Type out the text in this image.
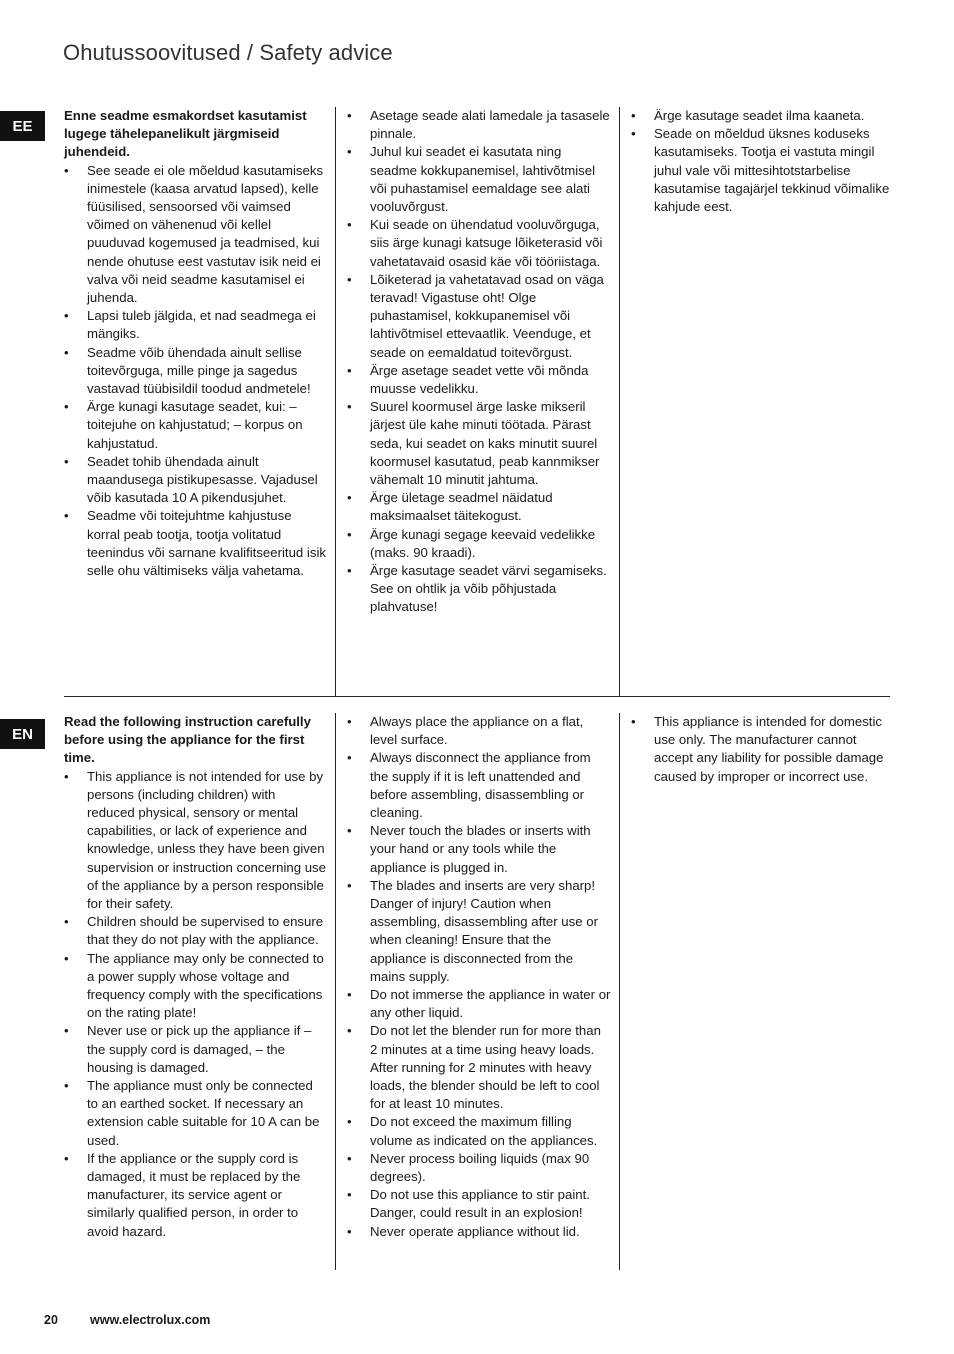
Ohutussoovitused / Safety advice
EE

Enne seadme esmakordset kasutamist lugege tähelepanelikult järgmiseid juhendeid.

• See seade ei ole mõeldud kasutamiseks inimestele (kaasa arvatud lapsed), kelle füüsilised, sensoorsed või vaimsed võimed on vähenenud või kellel puuduvad kogemused ja teadmised, kui nende ohutuse eest vastutav isik neid ei valva või neid seadme kasutamisel ei juhenda.
• Lapsi tuleb jälgida, et nad seadmega ei mängiks.
• Seadme võib ühendada ainult sellise toitevõrguga, mille pinge ja sagedus vastavad tüübisildil toodud andmetele!
• Ärge kunagi kasutage seadet, kui: – toitejuhe on kahjustatud; – korpus on kahjustatud.
• Seadet tohib ühendada ainult maandusega pistikupesasse. Vajadusel võib kasutada 10 A pikendusjuhet.
• Seadme või toitejuhtme kahjustuse korral peab tootja, tootja volitatud teenindus või sarnane kvalifitseeritud isik selle ohu vältimiseks välja vahetama.
• Asetage seade alati lamedale ja tasasele pinnale.
• Juhul kui seadet ei kasutata ning seadme kokkupanemisel, lahtivõtmisel või puhastamisel eemaldage see alati vooluvõrgust.
• Kui seade on ühendatud vooluvõrguga, siis ärge kunagi katsuge lõiketerasid või vahetatavaid osasid käe või tööriistaga.
• Lõiketerad ja vahetatavad osad on väga teravad! Vigastuse oht! Olge puhastamisel, kokkupanemisel või lahtivõtmisel ettevaatlik. Veenduge, et seade on eemaldatud toitevõrgust.
• Ärge asetage seadet vette või mõnda muusse vedelikku.
• Suurel koormusel ärge laske mikseril järjest üle kahe minuti töötada. Pärast seda, kui seadet on kaks minutit suurel koormusel kasutatud, peab kannmikser vähemalt 10 minutit jahtuma.
• Ärge ületage seadmel näidatud maksimaalset täitekogust.
• Ärge kunagi segage keevaid vedelikke (maks. 90 kraadi).
• Ärge kasutage seadet värvi segamiseks. See on ohtlik ja võib põhjustada plahvatuse!
• Ärge kasutage seadet ilma kaaneta.
• Seade on mõeldud üksnes koduseks kasutamiseks. Tootja ei vastuta mingil juhul vale või mittesihtotstarbelise kasutamise tagajärjel tekkinud võimalike kahjude eest.
EN

Read the following instruction carefully before using the appliance for the first time.

• This appliance is not intended for use by persons (including children) with reduced physical, sensory or mental capabilities, or lack of experience and knowledge, unless they have been given supervision or instruction concerning use of the appliance by a person responsible for their safety.
• Children should be supervised to ensure that they do not play with the appliance.
• The appliance may only be connected to a power supply whose voltage and frequency comply with the specifications on the rating plate!
• Never use or pick up the appliance if – the supply cord is damaged, – the housing is damaged.
• The appliance must only be connected to an earthed socket. If necessary an extension cable suitable for 10 A can be used.
• If the appliance or the supply cord is damaged, it must be replaced by the manufacturer, its service agent or similarly qualified person, in order to avoid hazard.
• Always place the appliance on a flat, level surface.
• Always disconnect the appliance from the supply if it is left unattended and before assembling, disassembling or cleaning.
• Never touch the blades or inserts with your hand or any tools while the appliance is plugged in.
• The blades and inserts are very sharp! Danger of injury! Caution when assembling, disassembling after use or when cleaning! Ensure that the appliance is disconnected from the mains supply.
• Do not immerse the appliance in water or any other liquid.
• Do not let the blender run for more than 2 minutes at a time using heavy loads. After running for 2 minutes with heavy loads, the blender should be left to cool for at least 10 minutes.
• Do not exceed the maximum filling volume as indicated on the appliances.
• Never process boiling liquids (max 90 degrees).
• Do not use this appliance to stir paint. Danger, could result in an explosion!
• Never operate appliance without lid.
• This appliance is intended for domestic use only. The manufacturer cannot accept any liability for possible damage caused by improper or incorrect use.
20	www.electrolux.com
